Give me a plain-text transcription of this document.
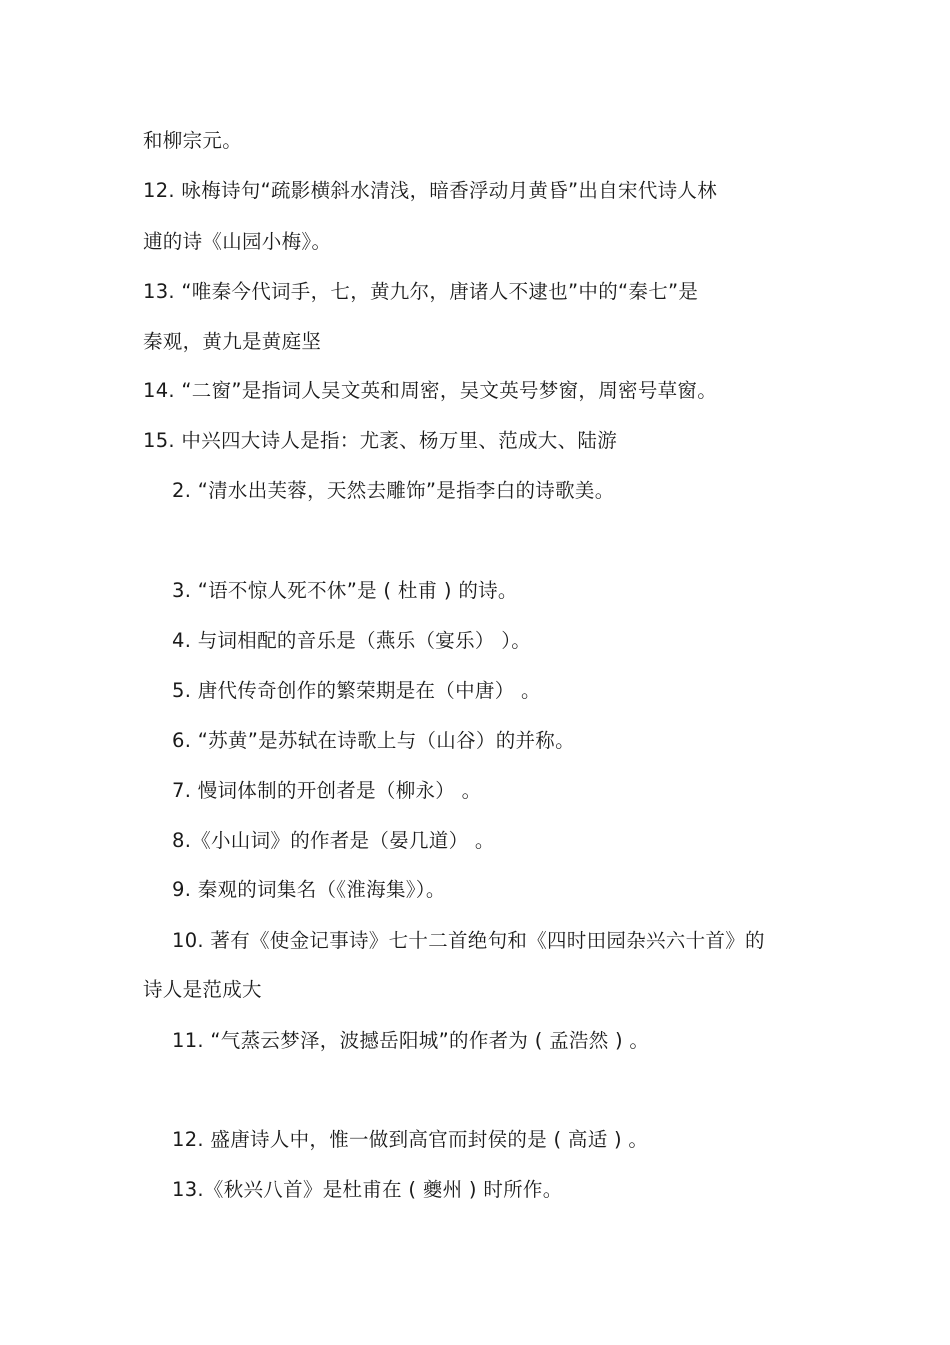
和柳宗元。
12. 咏梅诗句“疏影横斜水清浅，暗香浮动月黄昏”出自宋代诗人林
逋的诗《山园小梅》。
13. “唯秦今代词手，七，黄九尔，唐诸人不逮也”中的“秦七”是
秦观，黄九是黄庭坚
14. “二窗”是指词人吴文英和周密，吴文英号梦窗，周密号草窗。
15. 中兴四大诗人是指：尤袤、杨万里、范成大、陆游
2. “清水出芙蓉，天然去雕饰”是指李白的诗歌美。
3. “语不惊人死不休”是 ( 杜甫 ) 的诗。
4. 与词相配的音乐是（燕乐（宴乐） ）。
5. 唐代传奇创作的繁荣期是在（中唐） 。
6. “苏黄”是苏轼在诗歌上与（山谷）的并称。
7. 慢词体制的开创者是（柳永） 。
8.《小山词》的作者是（晏几道） 。
9. 秦观的词集名（《淮海集》）。
10. 著有《使金记事诗》七十二首绝句和《四时田园杂兴六十首》的
诗人是范成大
11. “气蒸云梦泽，波撼岳阳城”的作者为 ( 孟浩然 ) 。
12. 盛唐诗人中，惟一做到高官而封侯的是 ( 高适 ) 。
13.《秋兴八首》是杜甫在 ( 夔州 ) 时所作。
